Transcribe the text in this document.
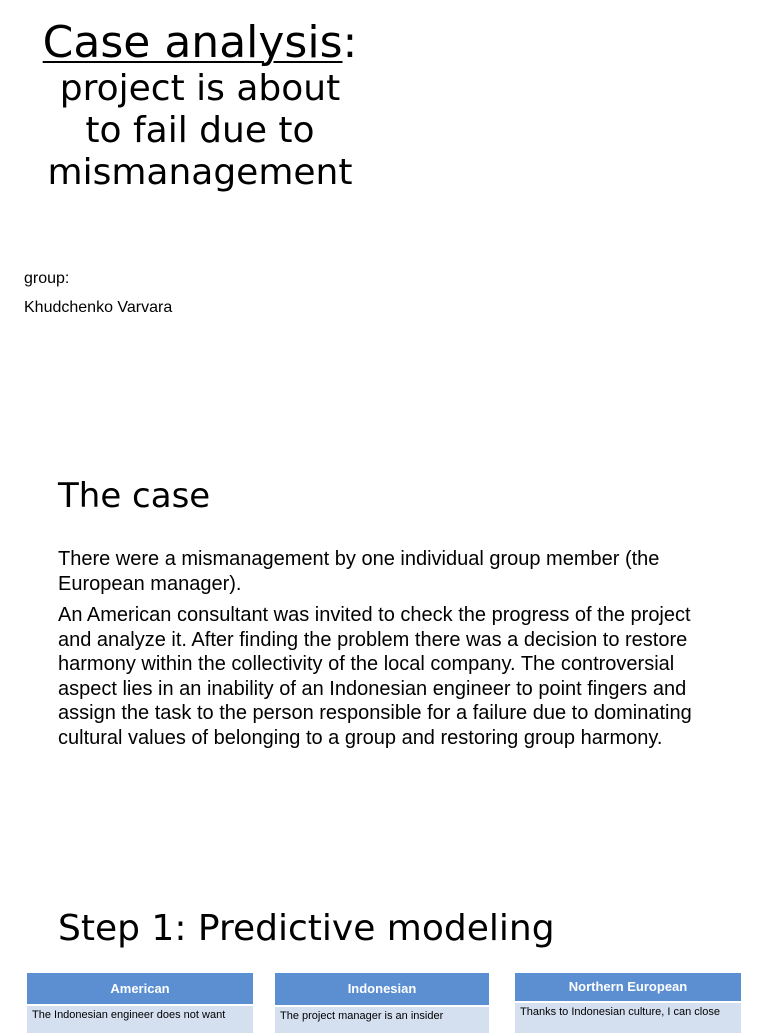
Case analysis:
project is about
to fail due to
mismanagement
group:
Khudchenko Varvara
The case

There were a mismanagement by one individual group member (the European manager).

An American consultant was invited to check the progress of the project and analyze it. After finding the problem there was a decision to restore harmony within the collectivity of the local company. The controversial aspect lies in an inability of an Indonesian engineer to point fingers and assign the task to the person responsible for a failure due to dominating cultural values of belonging to a group and restoring group harmony.

Step 1: Predictive modeling
American
The Indonesian engineer does not want
Indonesian
The project manager is an insider
Northern European
Thanks to Indonesian culture, I can close
